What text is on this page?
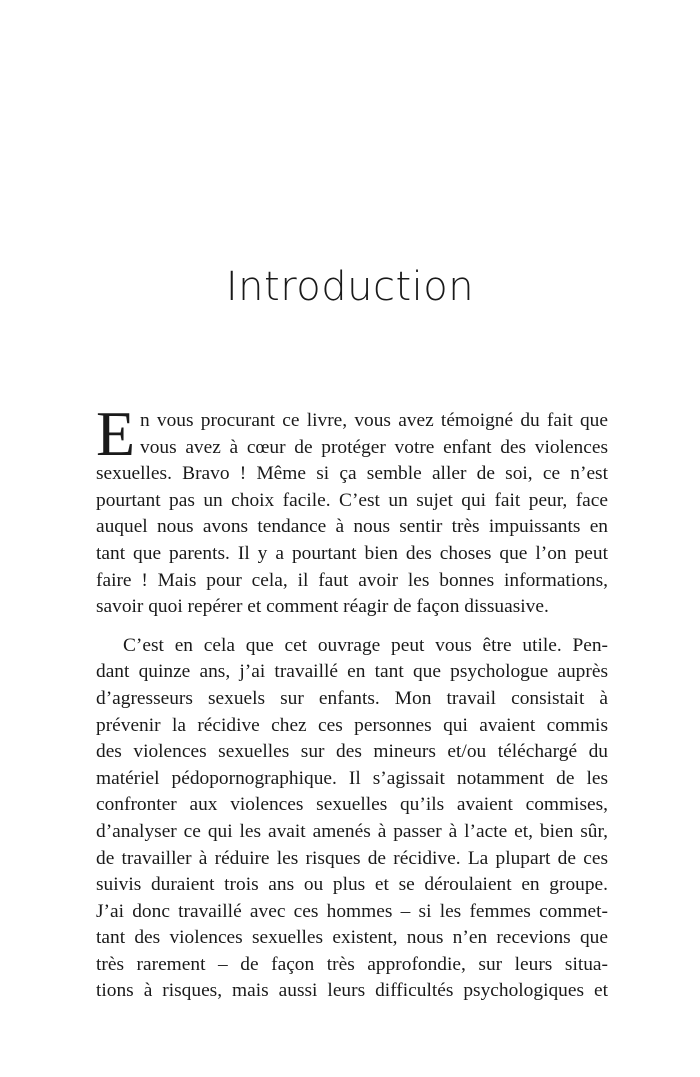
Introduction
E n vous procurant ce livre, vous avez témoigné du fait que
vous avez à cœur de protéger votre enfant des violences
sexuelles. Bravo ! Même si ça semble aller de soi, ce n’est
pourtant pas un choix facile. C’est un sujet qui fait peur, face
auquel nous avons tendance à nous sentir très impuissants en
tant que parents. Il y a pourtant bien des choses que l’on peut
faire ! Mais pour cela, il faut avoir les bonnes informations,
savoir quoi repérer et comment réagir de façon dissuasive.
C’est en cela que cet ouvrage peut vous être utile. Pen-
dant quinze ans, j’ai travaillé en tant que psychologue auprès
d’agresseurs sexuels sur enfants. Mon travail consistait à
prévenir la récidive chez ces personnes qui avaient commis
des violences sexuelles sur des mineurs et/ou téléchargé du
matériel pédopornographique. Il s’agissait notamment de les
confronter aux violences sexuelles qu’ils avaient commises,
d’analyser ce qui les avait amenés à passer à l’acte et, bien sûr,
de travailler à réduire les risques de récidive. La plupart de ces
suivis duraient trois ans ou plus et se déroulaient en groupe.
J’ai donc travaillé avec ces hommes – si les femmes commet-
tant des violences sexuelles existent, nous n’en recevions que
très rarement – de façon très approfondie, sur leurs situa-
tions à risques, mais aussi leurs difficultés psychologiques et
